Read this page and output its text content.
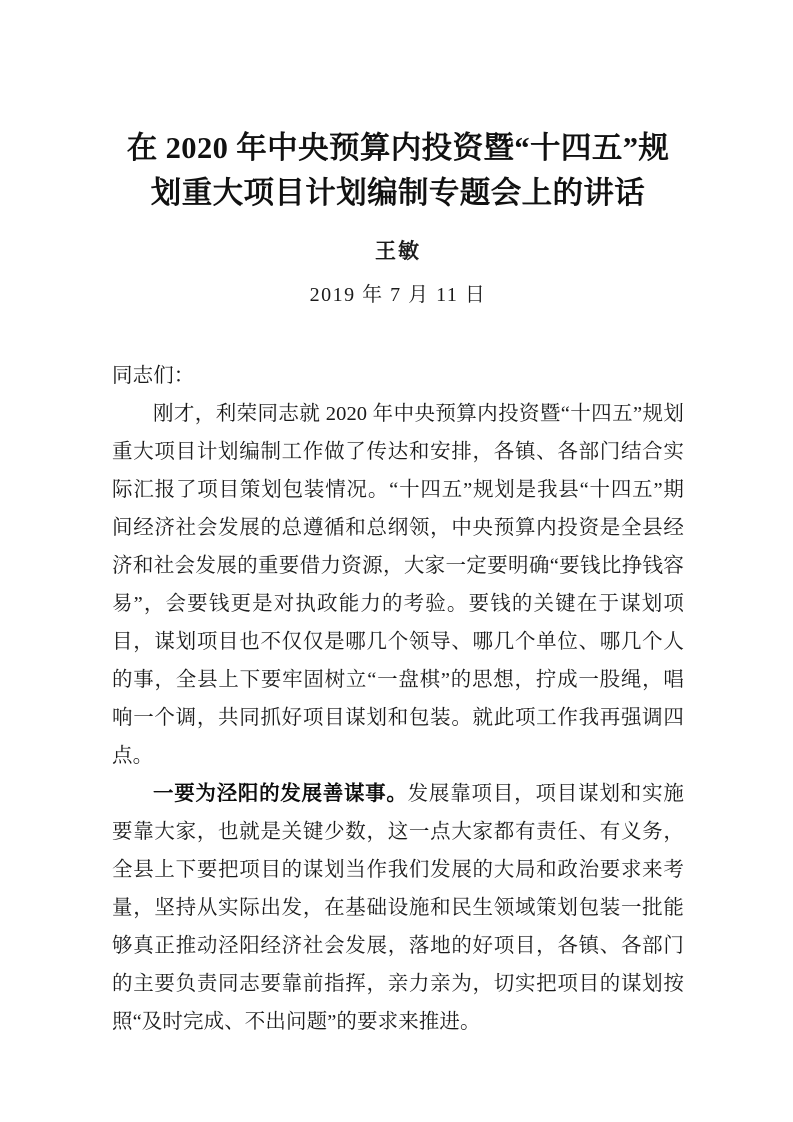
在 2020 年中央预算内投资暨“十四五”规划重大项目计划编制专题会上的讲话
王敏
2019 年 7 月 11 日

同志们：

刚才，利荣同志就 2020 年中央预算内投资暨“十四五”规划重大项目计划编制工作做了传达和安排，各镇、各部门结合实际汇报了项目策划包装情况。“十四五”规划是我县“十四五”期间经济社会发展的总遵循和总纲领，中央预算内投资是全县经济和社会发展的重要借力资源，大家一定要明确“要钱比挣钱容易”，会要钱更是对执政能力的考验。要钱的关键在于谋划项目，谋划项目也不仅仅是哪几个领导、哪几个单位、哪几个人的事，全县上下要牢固树立“一盘棋”的思想，拧成一股绳，唱响一个调，共同抓好项目谋划和包装。就此项工作我再强调四点。

一要为泾阳的发展善谋事。发展靠项目，项目谋划和实施要靠大家，也就是关键少数，这一点大家都有责任、有义务，全县上下要把项目的谋划当作我们发展的大局和政治要求来考量，坚持从实际出发，在基础设施和民生领域策划包装一批能够真正推动泾阳经济社会发展，落地的好项目，各镇、各部门的主要负责同志要靠前指挥，亲力亲为，切实把项目的谋划按照“及时完成、不出问题”的要求来推进。
